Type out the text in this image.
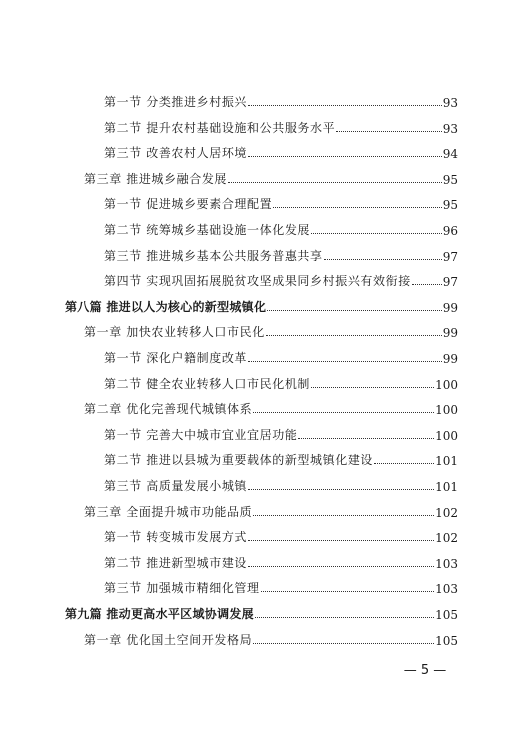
第一节 分类推进乡村振兴	93
第二节 提升农村基础设施和公共服务水平	93
第三节 改善农村人居环境	94
第三章 推进城乡融合发展	95
第一节 促进城乡要素合理配置	95
第二节 统筹城乡基础设施一体化发展	96
第三节 推进城乡基本公共服务普惠共享	97
第四节 实现巩固拓展脱贫攻坚成果同乡村振兴有效衔接	97
第八篇 推进以人为核心的新型城镇化	99
第一章 加快农业转移人口市民化	99
第一节 深化户籍制度改革	99
第二节 健全农业转移人口市民化机制	100
第二章 优化完善现代城镇体系	100
第一节 完善大中城市宜业宜居功能	100
第二节 推进以县城为重要载体的新型城镇化建设	101
第三节 高质量发展小城镇	101
第三章 全面提升城市功能品质	102
第一节 转变城市发展方式	102
第二节 推进新型城市建设	103
第三节 加强城市精细化管理	103
第九篇 推动更高水平区域协调发展	105
第一章 优化国土空间开发格局	105
— 5 —
